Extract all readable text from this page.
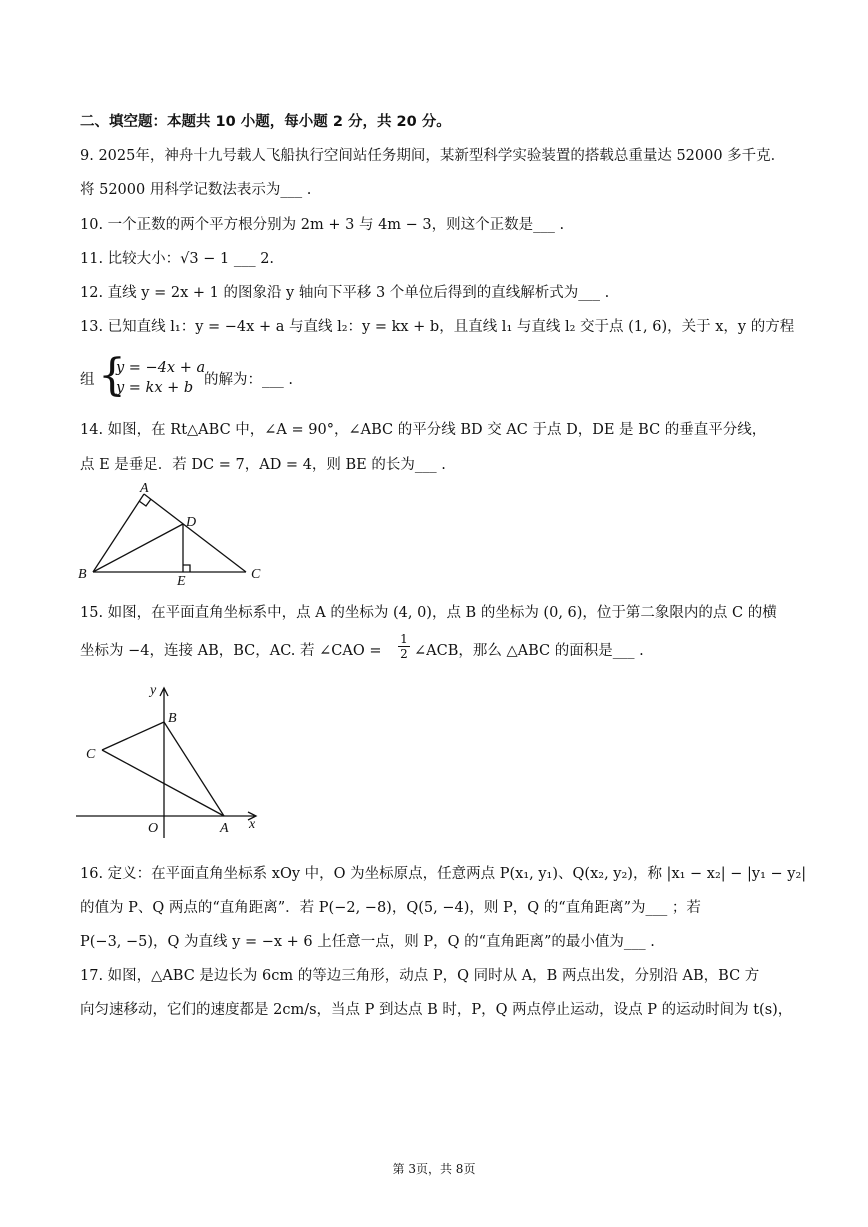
二、填空题：本题共 10 小题，每小题 2 分，共 20 分。
9. 2025年，神舟十九号载人飞船执行空间站任务期间，某新型科学实验装置的搭载总重量达 52000 多千克．
将 52000 用科学记数法表示为___ .
10. 一个正数的两个平方根分别为 2m + 3 与 4m − 3，则这个正数是___ .
11. 比较大小：√3 − 1 ___ 2.
12. 直线 y = 2x + 1 的图象沿 y 轴向下平移 3 个单位后得到的直线解析式为___ .
13. 已知直线 l₁：y = −4x + a 与直线 l₂：y = kx + b，且直线 l₁ 与直线 l₂ 交于点 (1, 6)，关于 x，y 的方程
组 {
y = −4x + a
y = kx + b 的解为：___ .
14. 如图，在 Rt△ABC 中，∠A = 90°，∠ABC 的平分线 BD 交 AC 于点 D，DE 是 BC 的垂直平分线，
点 E 是垂足．若 DC = 7，AD = 4，则 BE 的长为___ .
A
D
B	C
E
15. 如图，在平面直角坐标系中，点 A 的坐标为 (4, 0)，点 B 的坐标为 (0, 6)，位于第二象限内的点 C 的横
坐标为 −4，连接 AB，BC，AC. 若 ∠CAO = $\frac{1}{2}$ ∠ACB，那么 △ABC 的面积是___ .
y
B
C
O	A x
16. 定义：在平面直角坐标系 xOy 中，O 为坐标原点，任意两点 P(x₁, y₁)、Q(x₂, y₂)，称 |x₁ − x₂| − |y₁ − y₂|
的值为 P、Q 两点的“直角距离”．若 P(−2, −8)，Q(5, −4)，则 P，Q 的“直角距离”为___ ；若
P(−3, −5)，Q 为直线 y = −x + 6 上任意一点，则 P，Q 的“直角距离”的最小值为___ .
17. 如图，△ABC 是边长为 6cm 的等边三角形，动点 P，Q 同时从 A，B 两点出发，分别沿 AB，BC 方
向匀速移动，它们的速度都是 2cm/s，当点 P 到达点 B 时，P，Q 两点停止运动，设点 P 的运动时间为 t(s)，
第 3页，共 8页
